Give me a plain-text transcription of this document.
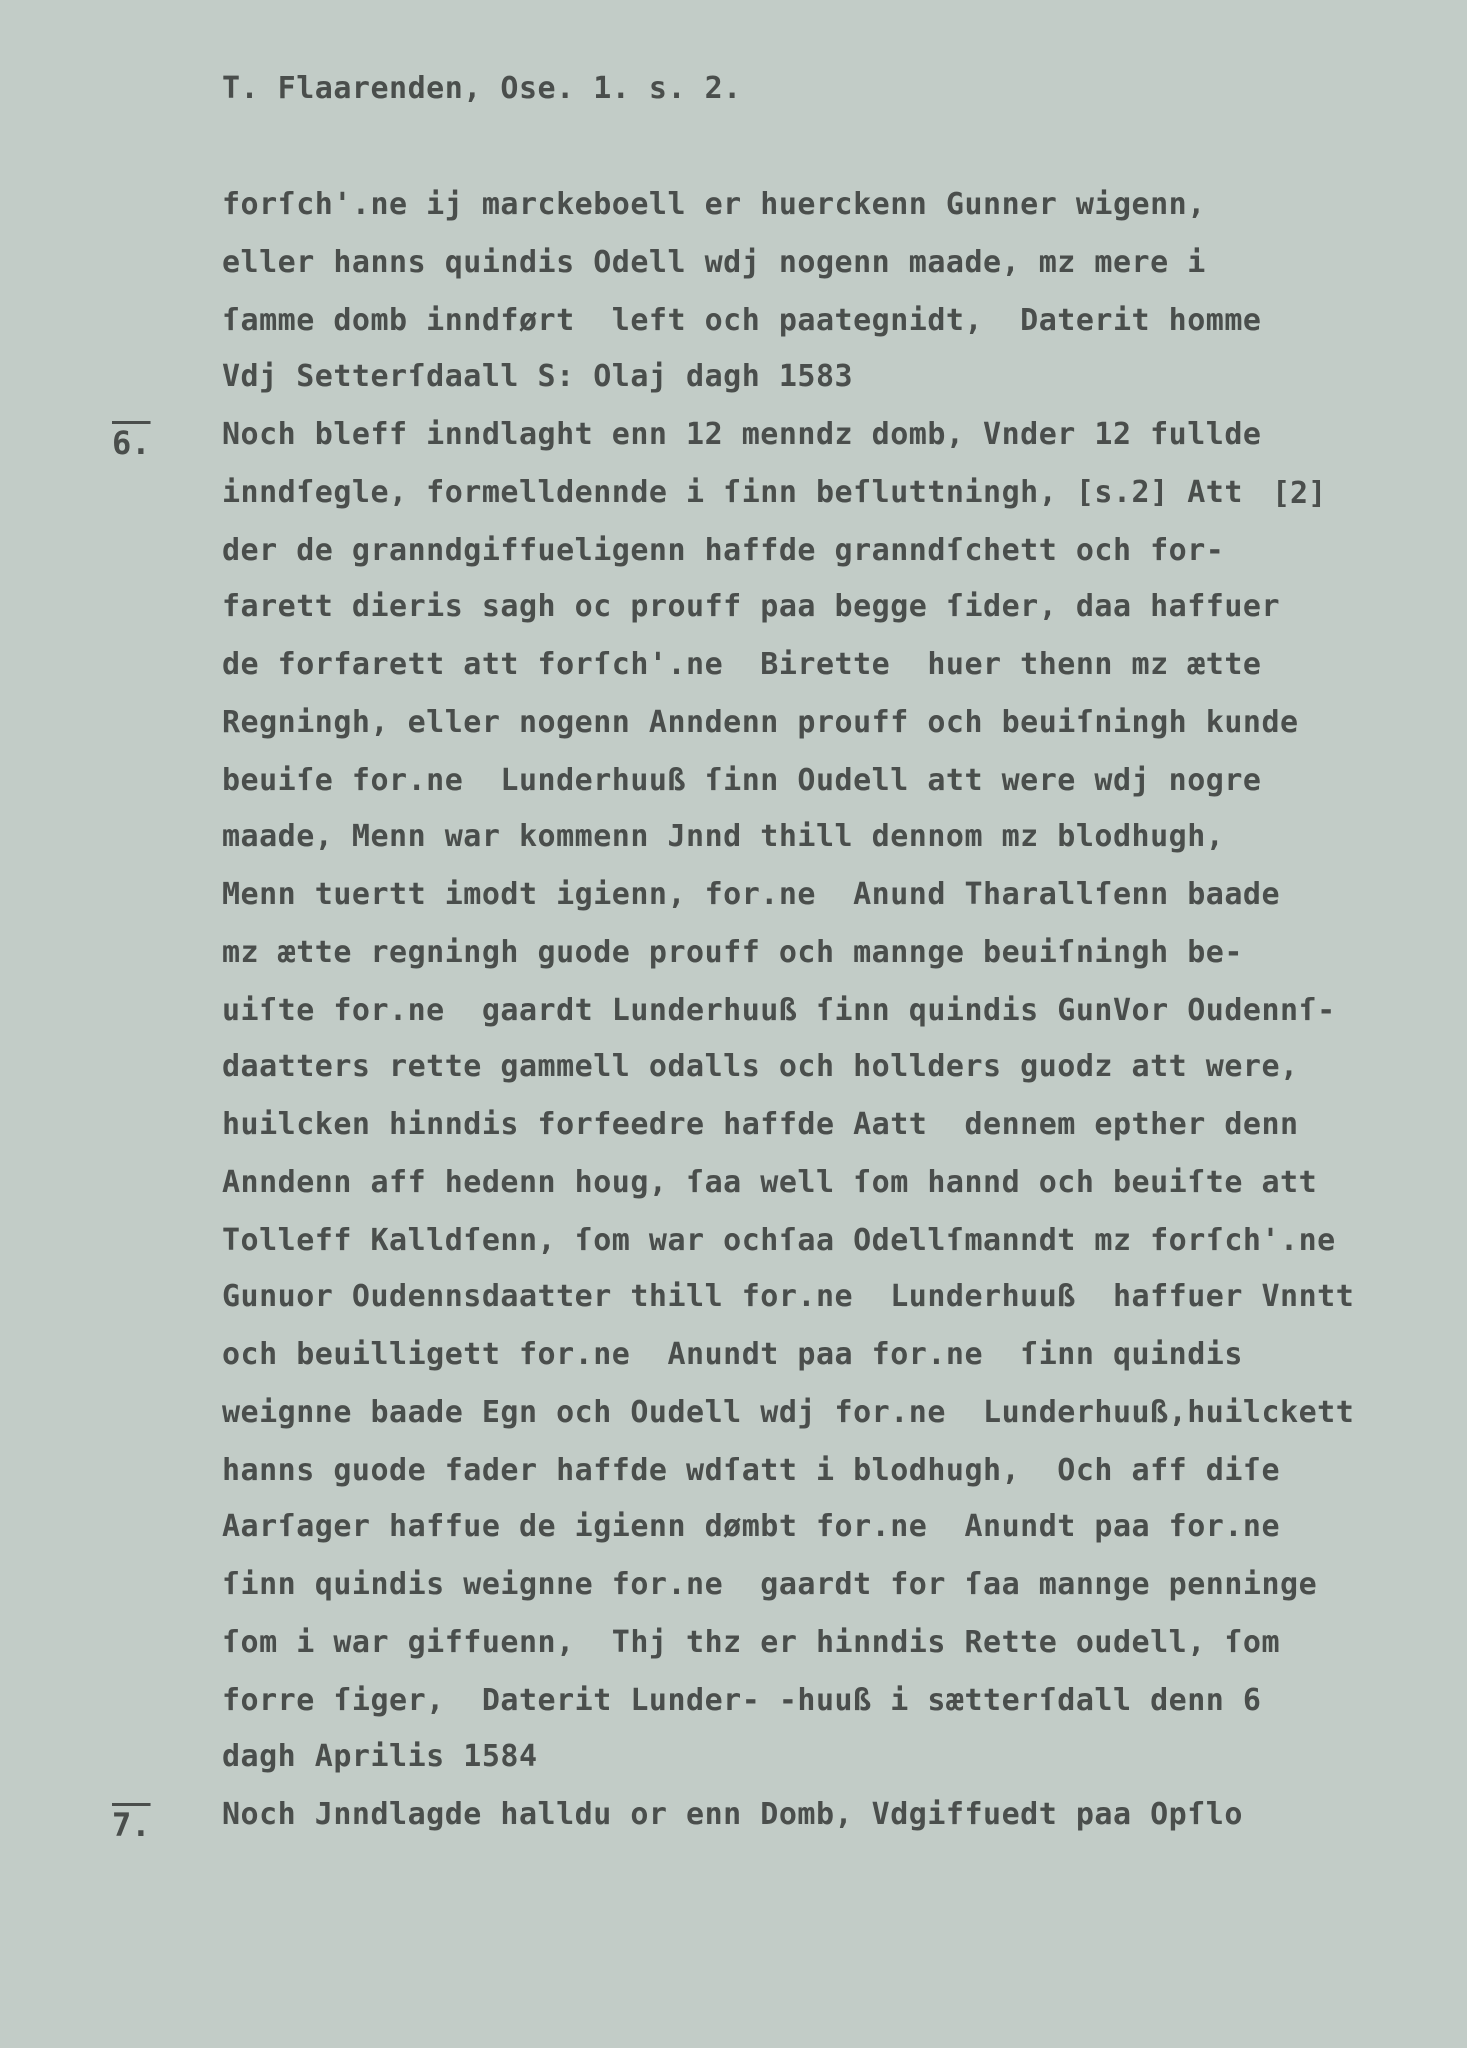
T. Flaarenden, Ose. 1. s. 2.
6.
[2]
7.
forſch'.ne ij marckeboell er huerckenn Gunner wigenn,
eller hanns quindis Odell wdj nogenn maade, mz mere i
ſamme domb inndført  left och paategnidt,  Daterit homme
Vdj Setterſdaall S: Olaj dagh 1583
Noch bleff inndlaght enn 12 menndz domb, Vnder 12 fullde
inndſegle, formelldennde i ſinn beſluttningh, [s.2] Att
der de granndgiffueligenn haffde granndſchett och for-
farett dieris sagh oc prouff paa begge ſider, daa haffuer
de forfarett att forſch'.ne  Birette  huer thenn mz ætte
Regningh, eller nogenn Anndenn prouff och beuiſningh kunde
beuiſe for.ne  Lunderhuuß ſinn Oudell att were wdj nogre
maade, Menn war kommenn Jnnd thill dennom mz blodhugh,
Menn tuertt imodt igienn, for.ne  Anund Tharallſenn baade
mz ætte regningh guode prouff och mannge beuiſningh be-
uiſte for.ne  gaardt Lunderhuuß ſinn quindis GunVor Oudennſ-
daatters rette gammell odalls och hollders guodz att were,
huilcken hinndis forfeedre haffde Aatt  dennem epther denn
Anndenn aff hedenn houg, ſaa well ſom hannd och beuiſte att
Tolleff Kalldſenn, ſom war ochſaa Odellſmanndt mz forſch'.ne
Gunuor Oudennsdaatter thill for.ne  Lunderhuuß  haffuer Vnntt
och beuilligett for.ne  Anundt paa for.ne  ſinn quindis
weignne baade Egn och Oudell wdj for.ne  Lunderhuuß,huilckett
hanns guode fader haffde wdſatt i blodhugh,  Och aff diſe
Aarſager haffue de igienn dømbt for.ne  Anundt paa for.ne
ſinn quindis weignne for.ne  gaardt for ſaa mannge penninge
ſom i war giffuenn,  Thj thz er hinndis Rette oudell, ſom
forre ſiger,  Daterit Lunder- -huuß i sætterſdall denn 6
dagh Aprilis 1584
Noch Jnndlagde halldu or enn Domb, Vdgiffuedt paa Opſlo
